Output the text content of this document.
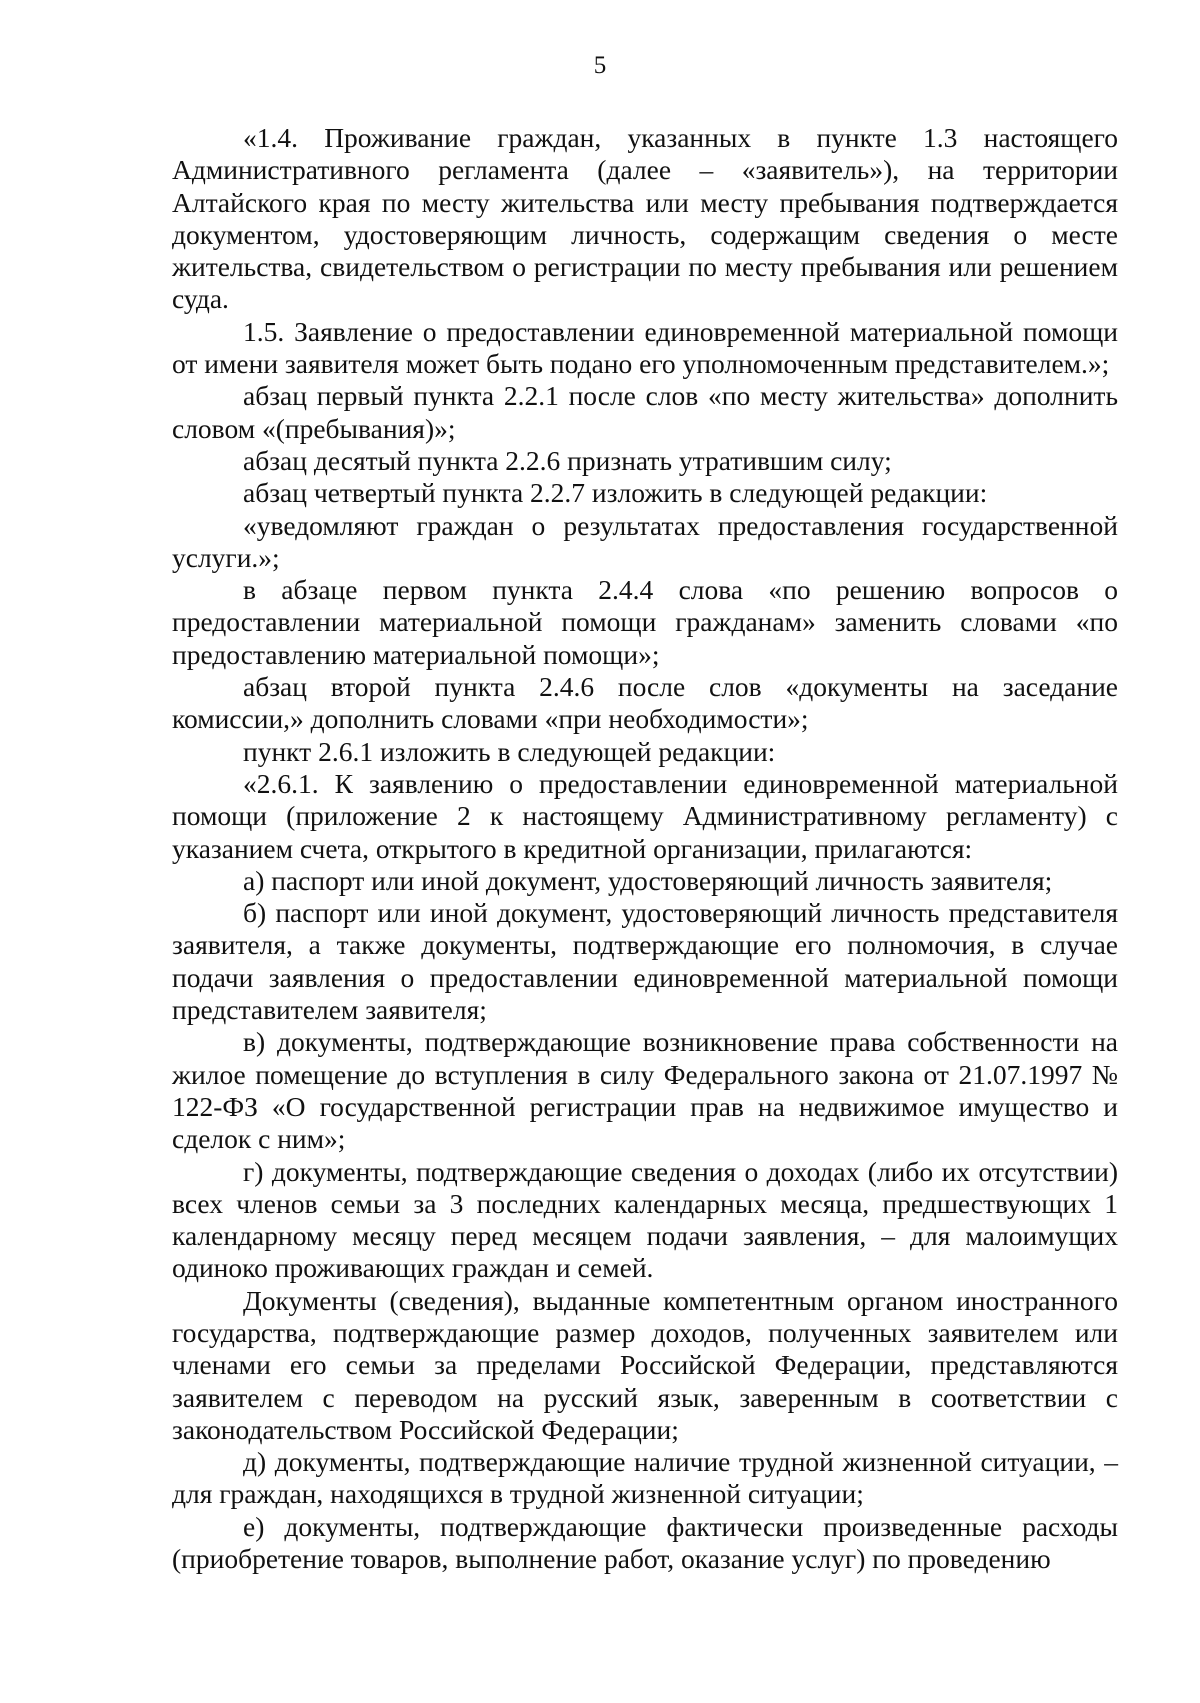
5

«1.4. Проживание граждан, указанных в пункте 1.3 настоящего Административного регламента (далее – «заявитель»), на территории Алтайского края по месту жительства или месту пребывания подтверждается документом, удостоверяющим личность, содержащим сведения о месте жительства, свидетельством о регистрации по месту пребывания или решением суда.

1.5. Заявление о предоставлении единовременной материальной помощи от имени заявителя может быть подано его уполномоченным представителем.»;

абзац первый пункта 2.2.1 после слов «по месту жительства» дополнить словом «(пребывания)»;

абзац десятый пункта 2.2.6 признать утратившим силу;

абзац четвертый пункта 2.2.7 изложить в следующей редакции:

«уведомляют граждан о результатах предоставления государственной услуги.»;

в абзаце первом пункта 2.4.4 слова «по решению вопросов о предоставлении материальной помощи гражданам» заменить словами «по предоставлению материальной помощи»;

абзац второй пункта 2.4.6 после слов «документы на заседание комиссии,» дополнить словами «при необходимости»;

пункт 2.6.1 изложить в следующей редакции:

«2.6.1. К заявлению о предоставлении единовременной материальной помощи (приложение 2 к настоящему Административному регламенту) с указанием счета, открытого в кредитной организации, прилагаются:

а) паспорт или иной документ, удостоверяющий личность заявителя;

б) паспорт или иной документ, удостоверяющий личность представителя заявителя, а также документы, подтверждающие его полномочия, в случае подачи заявления о предоставлении единовременной материальной помощи представителем заявителя;

в) документы, подтверждающие возникновение права собственности на жилое помещение до вступления в силу Федерального закона от 21.07.1997 № 122-ФЗ «О государственной регистрации прав на недвижимое имущество и сделок с ним»;

г) документы, подтверждающие сведения о доходах (либо их отсутствии) всех членов семьи за 3 последних календарных месяца, предшествующих 1 календарному месяцу перед месяцем подачи заявления, – для малоимущих одиноко проживающих граждан и семей.

Документы (сведения), выданные компетентным органом иностранного государства, подтверждающие размер доходов, полученных заявителем или членами его семьи за пределами Российской Федерации, представляются заявителем с переводом на русский язык, заверенным в соответствии с законодательством Российской Федерации;

д) документы, подтверждающие наличие трудной жизненной ситуации, – для граждан, находящихся в трудной жизненной ситуации;

е) документы, подтверждающие фактически произведенные расходы (приобретение товаров, выполнение работ, оказание услуг) по проведению
